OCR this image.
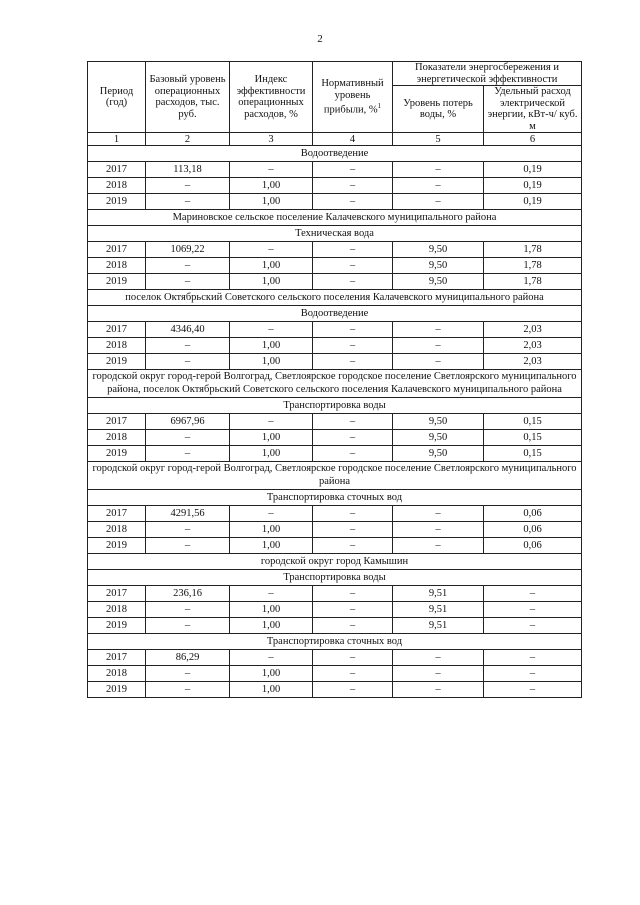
2
Период (год)	Базовый уровень операционных расходов, тыс. руб.	Индекс эффективности операционных расходов, %	Нормативный уровень прибыли, %$^1$	Показатели энергосбережения и энергетической эффективности	
				Уровень потерь воды, %	Удельный расход электрической энергии, кВт-ч/ куб. м
1	2	3	4	5	6
Водоотведение					
2017	113,18	–	–	–	0,19
2018	–	1,00	–	–	0,19
2019	–	1,00	–	–	0,19
Мариновское сельское поселение Калачевского муниципального района					
Техническая вода					
2017	1069,22	–	–	9,50	1,78
2018	–	1,00	–	9,50	1,78
2019	–	1,00	–	9,50	1,78
поселок Октябрьский Советского сельского поселения Калачевского муниципального района					
Водоотведение					
2017	4346,40	–	–	–	2,03
2018	–	1,00	–	–	2,03
2019	–	1,00	–	–	2,03
городской округ город-герой Волгоград, Светлоярское городское поселение Светлоярского муниципального района, поселок Октябрьский Советского сельского поселения Калачевского муниципального района					
Транспортировка воды					
2017	6967,96	–	–	9,50	0,15
2018	–	1,00	–	9,50	0,15
2019	–	1,00	–	9,50	0,15
городской округ город-герой Волгоград, Светлоярское городское поселение Светлоярского муниципального района					
Транспортировка сточных вод					
2017	4291,56	–	–	–	0,06
2018	–	1,00	–	–	0,06
2019	–	1,00	–	–	0,06
городской округ город Камышин					
Транспортировка воды					
2017	236,16	–	–	9,51	–
2018	–	1,00	–	9,51	–
2019	–	1,00	–	9,51	–
Транспортировка сточных вод					
2017	86,29	–	–	–	–
2018	–	1,00	–	–	–
2019	–	1,00	–	–	–
